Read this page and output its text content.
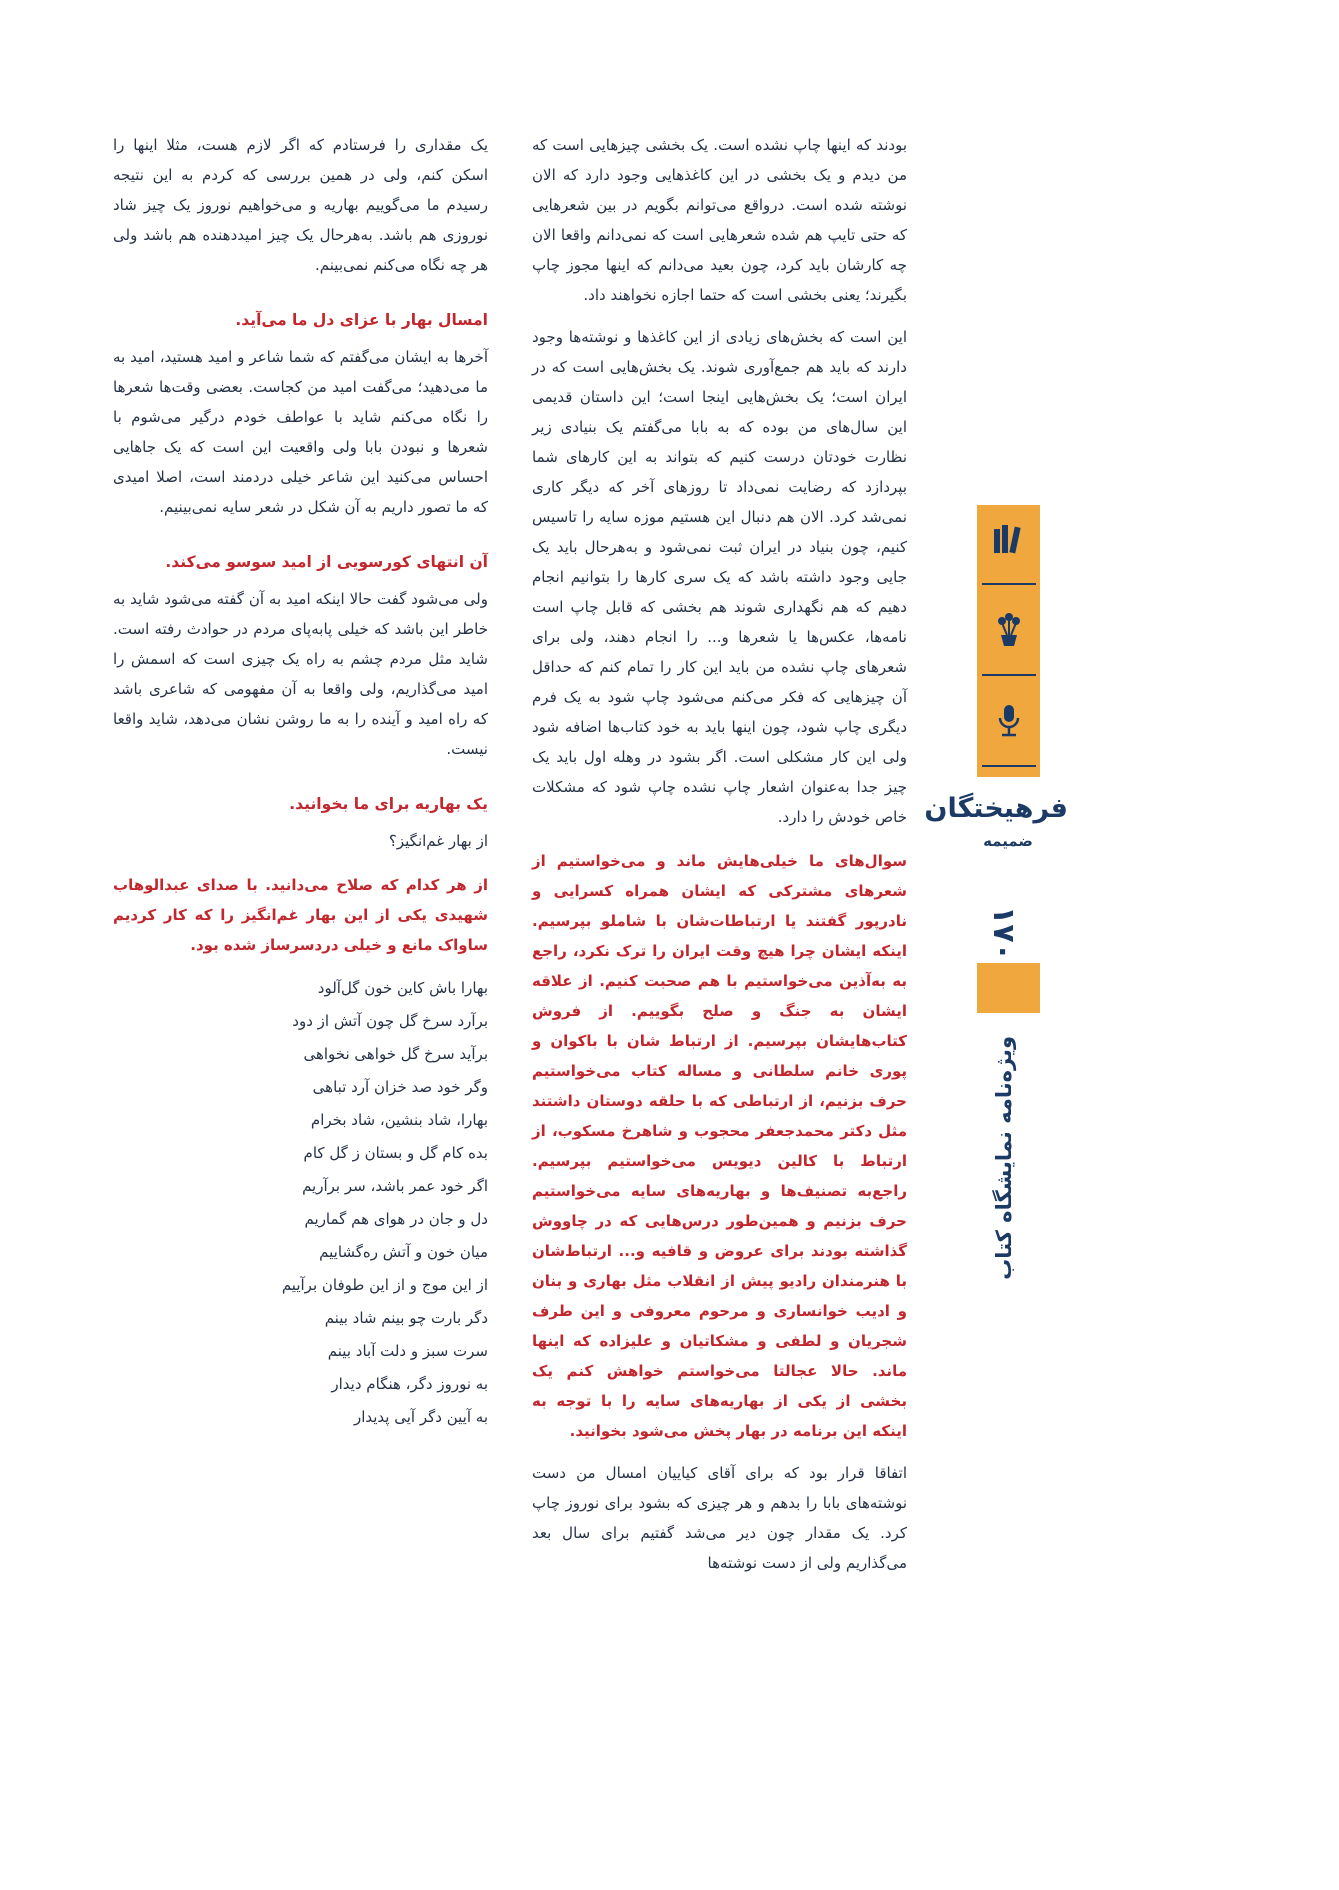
بودند که اینها چاپ نشده است. یک بخشی چیزهایی است که من دیدم و یک بخشی در این کاغذهایی وجود دارد که الان نوشته شده است. درواقع می‌توانم بگویم در بین شعرهایی که حتی تایپ هم شده شعرهایی است که نمی‌دانم واقعا الان چه کارشان باید کرد، چون بعید می‌دانم که اینها مجوز چاپ بگیرند؛ یعنی بخشی است که حتما اجازه نخواهند داد.

این است که بخش‌های زیادی از این کاغذها و نوشته‌ها وجود دارند که باید هم جمع‌آوری شوند. یک بخش‌هایی است که در ایران است؛ یک بخش‌هایی اینجا است؛ این داستان قدیمی این سال‌های من بوده که به بابا می‌گفتم یک بنیادی زیر نظارت خودتان درست کنیم که بتواند به این کارهای شما بپردازد که رضایت نمی‌داد تا روزهای آخر که دیگر کاری نمی‌شد کرد. الان هم دنبال این هستیم موزه سایه را تاسیس کنیم، چون بنیاد در ایران ثبت نمی‌شود و به‌هرحال باید یک جایی وجود داشته باشد که یک سری کارها را بتوانیم انجام دهیم که هم نگهداری شوند هم بخشی که قابل چاپ است نامه‌ها، عکس‌ها یا شعرها و... را انجام دهند، ولی برای شعرهای چاپ نشده من باید این کار را تمام کنم که حداقل آن چیزهایی که فکر می‌کنم می‌شود چاپ شود به یک فرم دیگری چاپ شود، چون اینها باید به خود کتاب‌ها اضافه شود ولی این کار مشکلی است. اگر بشود در وهله اول باید یک چیز جدا به‌عنوان اشعار چاپ نشده چاپ شود که مشکلات خاص خودش را دارد.

سوال‌های ما خیلی‌هایش ماند و می‌خواستیم از شعرهای مشترکی که ایشان همراه کسرایی و نادرپور گفتند یا ارتباطات‌شان با شاملو بپرسیم. اینکه ایشان چرا هیچ وقت ایران را ترک نکرد، راجع به به‌آذین می‌خواستیم با هم صحبت کنیم. از علاقه ایشان به جنگ و صلح بگوییم. از فروش کتاب‌هایشان بپرسیم. از ارتباط شان با باکوان و پوری خانم سلطانی و مساله کتاب می‌خواستیم حرف بزنیم، از ارتباطی که با حلقه دوستان داشتند مثل دکتر محمدجعفر محجوب و شاهرخ مسکوب، از ارتباط با کالین دیویس می‌خواستیم بپرسیم. راجع‌به تصنیف‌ها و بهاریه‌های سایه می‌خواستیم حرف بزنیم و همین‌طور درس‌هایی که در چاووش گذاشته بودند برای عروض و قافیه و... ارتباط‌شان با هنرمندان رادیو پیش از انقلاب مثل بهاری و بنان و ادیب خوانساری و مرحوم معروفی و این طرف شجریان و لطفی و مشکاتیان و علیزاده که اینها ماند. حالا عجالتا می‌خواستم خواهش کنم یک بخشی از یکی از بهاریه‌های سایه را با توجه به اینکه این برنامه در بهار پخش می‌شود بخوانید.

اتفاقا قرار بود که برای آقای کیاییان امسال من دست نوشته‌های بابا را بدهم و هر چیزی که بشود برای نوروز چاپ کرد. یک مقدار چون دیر می‌شد گفتیم برای سال بعد می‌گذاریم ولی از دست نوشته‌ها

یک مقداری را فرستادم که اگر لازم هست، مثلا اینها را اسکن کنم، ولی در همین بررسی که کردم به این نتیجه رسیدم ما می‌گوییم بهاریه و می‌خواهیم نوروز یک چیز شاد نوروزی هم باشد. به‌هرحال یک چیز امیددهنده هم باشد ولی هر چه نگاه می‌کنم نمی‌بینم.

امسال بهار با عزای دل ما می‌آید.

آخرها به ایشان می‌گفتم که شما شاعر و امید هستید، امید به ما می‌دهید؛ می‌گفت امید من کجاست. بعضی وقت‌ها شعرها را نگاه می‌کنم شاید با عواطف خودم درگیر می‌شوم با شعرها و نبودن بابا ولی واقعیت این است که یک جاهایی احساس می‌کنید این شاعر خیلی دردمند است، اصلا امیدی که ما تصور داریم به آن شکل در شعر سایه نمی‌بینیم.

آن انتهای کورسویی از امید سوسو می‌کند.

ولی می‌شود گفت حالا اینکه امید به آن گفته می‌شود شاید به خاطر این باشد که خیلی پابه‌پای مردم در حوادث رفته است. شاید مثل مردم چشم به راه یک چیزی است که اسمش را امید می‌گذاریم، ولی واقعا به آن مفهومی که شاعری باشد که راه امید و آینده را به ما روشن نشان می‌دهد، شاید واقعا نیست.

یک بهاریه برای ما بخوانید.

از بهار غم‌انگیز؟

از هر کدام که صلاح می‌دانید. با صدای عبدالوهاب شهیدی یکی از این بهار غم‌انگیز را که کار کردیم ساواک مانع و خیلی دردسرساز شده بود.

بهارا باش کاین خون گل‌آلود
برآرد سرخ گل چون آتش از دود
برآید سرخ گل خواهی نخواهی
وگر خود صد خزان آرد تباهی
بهارا، شاد بنشین، شاد بخرام
بده کام گل و بستان ز گل کام
اگر خود عمر باشد، سر برآریم
دل و جان در هوای هم گماریم
میان خون و آتش ره‌گشاییم
از این موج و از این طوفان برآییم
دگر بارت چو بینم شاد بینم
سرت سبز و دلت آباد بینم
به نوروز دگر، هنگام دیدار
به آیین دگر آیی پدیدار
فرهیختگان
ضمیمه
۱۷۰
ویژه‌نامه نمایشگاه کتاب
